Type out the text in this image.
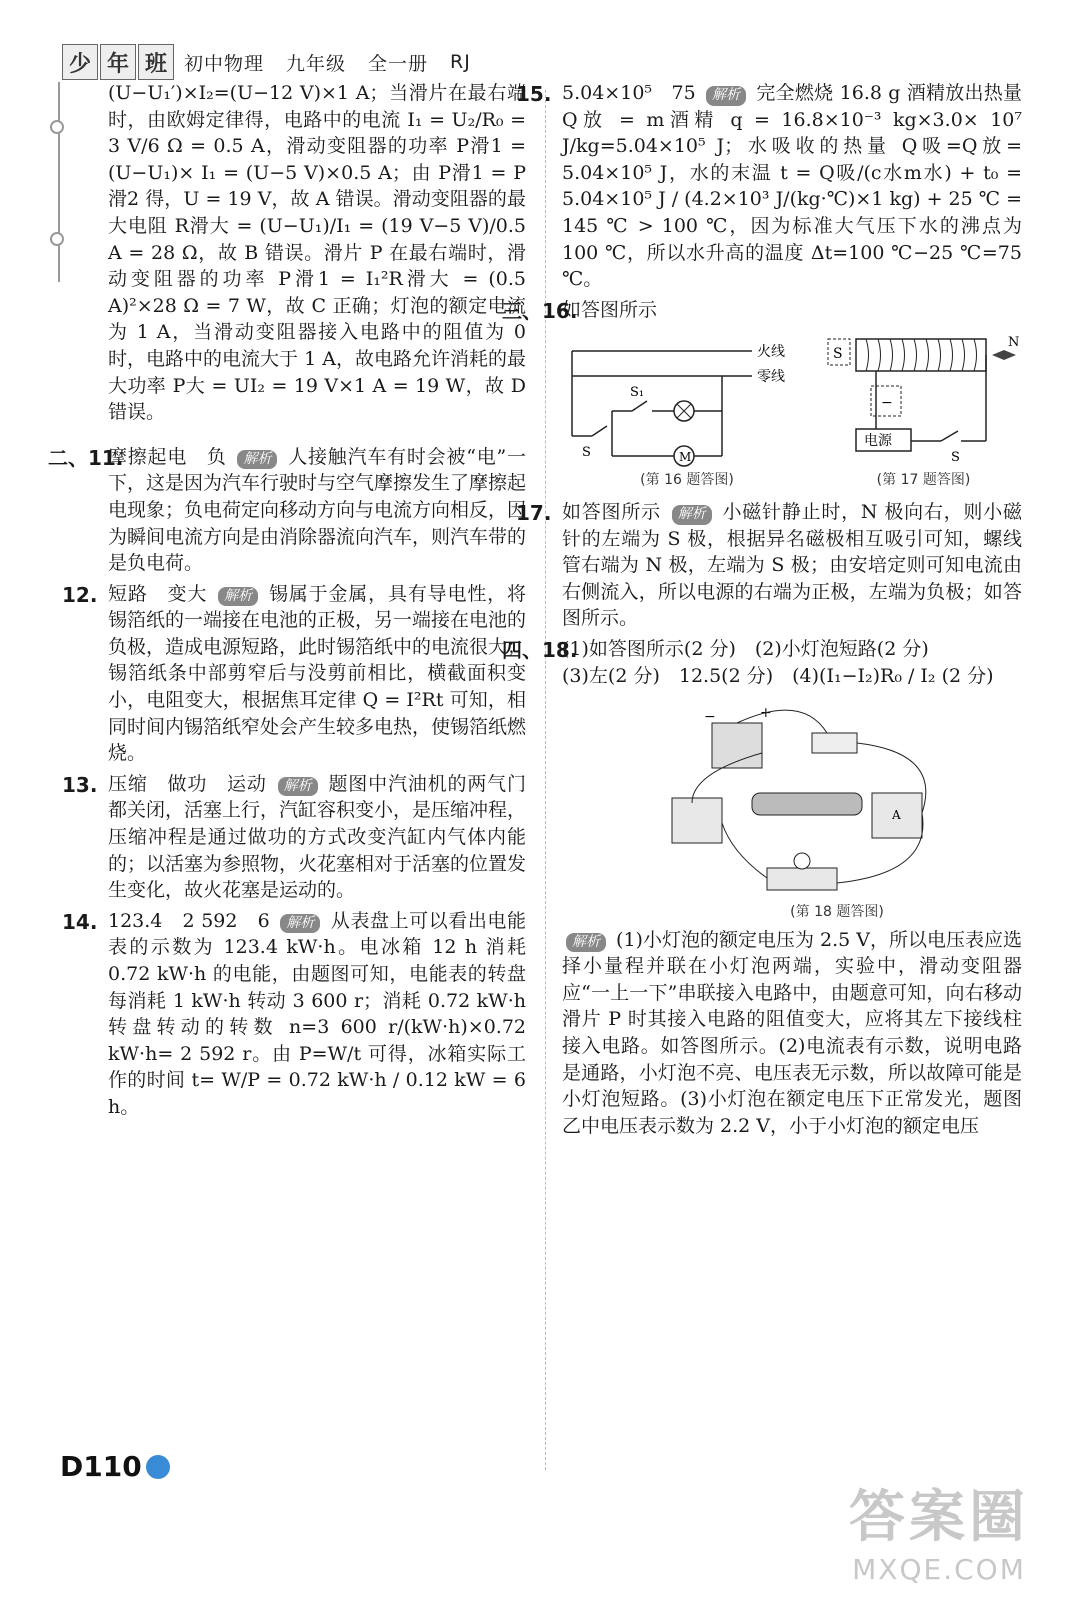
少 年 班 初中物理 九年级 全一册 RJ
(U−U₁′)×I₂=(U−12 V)×1 A；当滑片在最右端时，由欧姆定律得，电路中的电流 I₁ = U₂/R₀ = 3 V/6 Ω = 0.5 A，滑动变阻器的功率 P滑1 = (U−U₁)× I₁ = (U−5 V)×0.5 A；由 P滑1 = P滑2 得，U = 19 V，故 A 错误。滑动变阻器的最大电阻 R滑大 = (U−U₁)/I₁ = (19 V−5 V)/0.5 A = 28 Ω，故 B 错误。滑片 P 在最右端时，滑动变阻器的功率 P滑1 = I₁²R滑大 = (0.5 A)²×28 Ω = 7 W，故 C 正确；灯泡的额定电流为 1 A，当滑动变阻器接入电路中的阻值为 0 时，电路中的电流大于 1 A，故电路允许消耗的最大功率 P大 = UI₂ = 19 V×1 A = 19 W，故 D 错误。
二、11.
摩擦起电　负 解析 人接触汽车有时会被“电”一下，这是因为汽车行驶时与空气摩擦发生了摩擦起电现象；负电荷定向移动方向与电流方向相反，因为瞬间电流方向是由消除器流向汽车，则汽车带的是负电荷。
12. 短路　变大 解析 锡属于金属，具有导电性，将锡箔纸的一端接在电池的正极，另一端接在电池的负极，造成电源短路，此时锡箔纸中的电流很大；锡箔纸条中部剪窄后与没剪前相比，横截面积变小，电阻变大，根据焦耳定律 Q = I²Rt 可知，相同时间内锡箔纸窄处会产生较多电热，使锡箔纸燃烧。
13. 压缩　做功　运动 解析 题图中汽油机的两气门都关闭，活塞上行，汽缸容积变小，是压缩冲程，压缩冲程是通过做功的方式改变汽缸内气体内能的；以活塞为参照物，火花塞相对于活塞的位置发生变化，故火花塞是运动的。
14. 123.4　2 592　6 解析 从表盘上可以看出电能表的示数为 123.4 kW·h。电冰箱 12 h 消耗 0.72 kW·h 的电能，由题图可知，电能表的转盘每消耗 1 kW·h 转动 3 600 r；消耗 0.72 kW·h 转盘转动的转数 n=3 600 r/(kW·h)×0.72 kW·h= 2 592 r。由 P=W/t 可得，冰箱实际工作的时间 t= W/P = 0.72 kW·h / 0.12 kW = 6 h。
15. 5.04×10⁵　75 解析 完全燃烧 16.8 g 酒精放出热量 Q放 = m酒精 q = 16.8×10⁻³ kg×3.0× 10⁷ J/kg=5.04×10⁵ J；水吸收的热量 Q吸=Q放= 5.04×10⁵ J，水的末温 t = Q吸/(c水m水) + t₀ = 5.04×10⁵ J / (4.2×10³ J/(kg·℃)×1 kg) + 25 ℃ = 145 ℃ > 100 ℃，因为标准大气压下水的沸点为 100 ℃，所以水升高的温度 Δt=100 ℃−25 ℃=75 ℃。
三、16.
如答图所示
火线
零线
S
S₁
M
(第 16 题答图)
S
N
−
电源
S
(第 17 题答图)
17. 如答图所示 解析 小磁针静止时，N 极向右，则小磁针的左端为 S 极，根据异名磁极相互吸引可知，螺线管右端为 N 极，左端为 S 极；由安培定则可知电流由右侧流入，所以电源的右端为正极，左端为负极；如答图所示。
四、18.
(1)如答图所示(2 分)　(2)小灯泡短路(2 分)
(3)左(2 分)　12.5(2 分)　(4)(I₁−I₂)R₀ / I₂ (2 分)
−	+
A
(第 18 题答图)
解析 (1)小灯泡的额定电压为 2.5 V，所以电压表应选择小量程并联在小灯泡两端，实验中，滑动变阻器应“一上一下”串联接入电路中，由题意可知，向右移动滑片 P 时其接入电路的阻值变大，应将其左下接线柱接入电路。如答图所示。(2)电流表有示数，说明电路是通路，小灯泡不亮、电压表无示数，所以故障可能是小灯泡短路。(3)小灯泡在额定电压下正常发光，题图乙中电压表示数为 2.2 V，小于小灯泡的额定电压
D110
答案圈
MXQE.COM
